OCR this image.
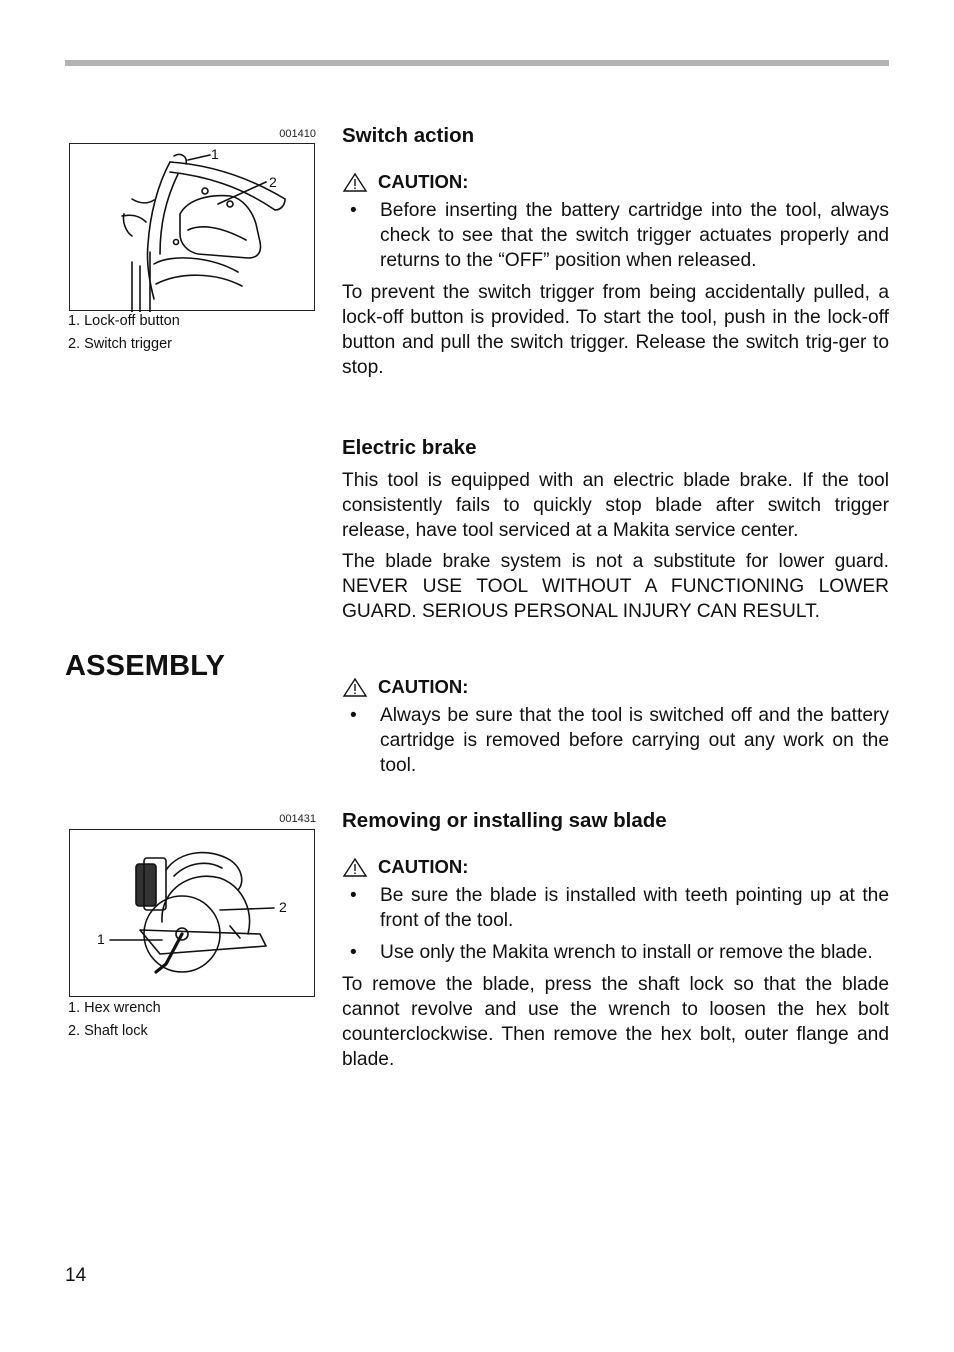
001410
1
2
1. Lock-off button
2. Switch trigger
001431
1
2
1. Hex wrench
2. Shaft lock
ASSEMBLY
Switch action
CAUTION:
•	Before inserting the battery cartridge into the tool, always check to see that the switch trigger actuates properly and returns to the “OFF” position when released.

To prevent the switch trigger from being accidentally pulled, a lock-off button is provided. To start the tool, push in the lock-off button and pull the switch trigger. Release the switch trig-ger to stop.

Electric brake

This tool is equipped with an electric blade brake. If the tool consistently fails to quickly stop blade after switch trigger release, have tool serviced at a Makita service center.

The blade brake system is not a substitute for lower guard. NEVER USE TOOL WITHOUT A FUNCTIONING LOWER GUARD. SERIOUS PERSONAL INJURY CAN RESULT.

CAUTION:
•	Always be sure that the tool is switched off and the battery cartridge is removed before carrying out any work on the tool.
Removing or installing saw blade
CAUTION:
•	Be sure the blade is installed with teeth pointing up at the front of the tool.
•	Use only the Makita wrench to install or remove the blade.

To remove the blade, press the shaft lock so that the blade cannot revolve and use the wrench to loosen the hex bolt counterclockwise. Then remove the hex bolt, outer flange and blade.

14
